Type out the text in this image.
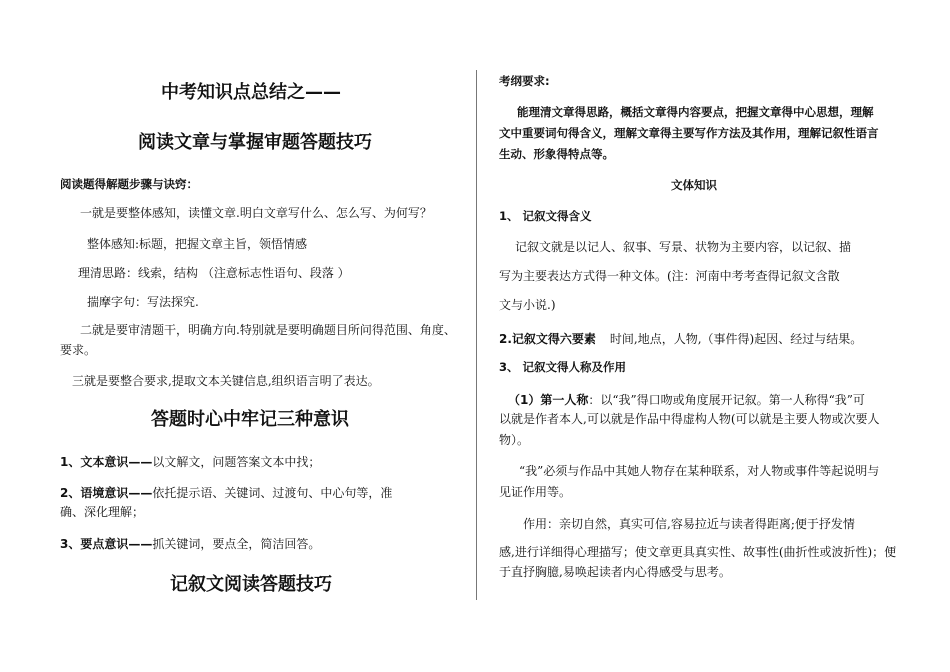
中考知识点总结之——
阅读文章与掌握审题答题技巧
阅读题得解题步骤与诀窍：
一就是要整体感知，读懂文章.明白文章写什么、怎么写、为何写？
整体感知:标题，把握文章主旨，领悟情感
理清思路：线索，结构 （注意标志性语句、段落 ）
揣摩字句：写法探究.
二就是要审清题干，明确方向.特别就是要明确题目所问得范围、角度、
要求。
三就是要整合要求,提取文本关键信息,组织语言明了表达。
答题时心中牢记三种意识
1、文本意识——以文解文，问题答案文本中找；
2、语境意识——依托提示语、关键词、过渡句、中心句等，准
确、深化理解；
3、要点意识——抓关键词，要点全，简洁回答。
记叙文阅读答题技巧
考纲要求:
能理清文章得思路，概括文章得内容要点，把握文章得中心思想，理解
文中重要词句得含义，理解文章得主要写作方法及其作用，理解记叙性语言
生动、形象得特点等。
文体知识
1、 记叙文得含义
记叙文就是以记人、叙事、写景、状物为主要内容，以记叙、描
写为主要表达方式得一种文体。(注：河南中考考查得记叙文含散
文与小说.)
2.记叙文得六要素 时间,地点，人物,（事件得)起因、经过与结果。
3、 记叙文得人称及作用
（1）第一人称：以“我”得口吻或角度展开记叙。第一人称得“我”可
以就是作者本人,可以就是作品中得虚构人物(可以就是主要人物或次要人
物）。
“我”必须与作品中其她人物存在某种联系，对人物或事件等起说明与
见证作用等。
作用：亲切自然，真实可信,容易拉近与读者得距离;便于抒发情
感,进行详细得心理描写；使文章更具真实性、故事性(曲折性或波折性)；便
于直抒胸臆,易唤起读者内心得感受与思考。
